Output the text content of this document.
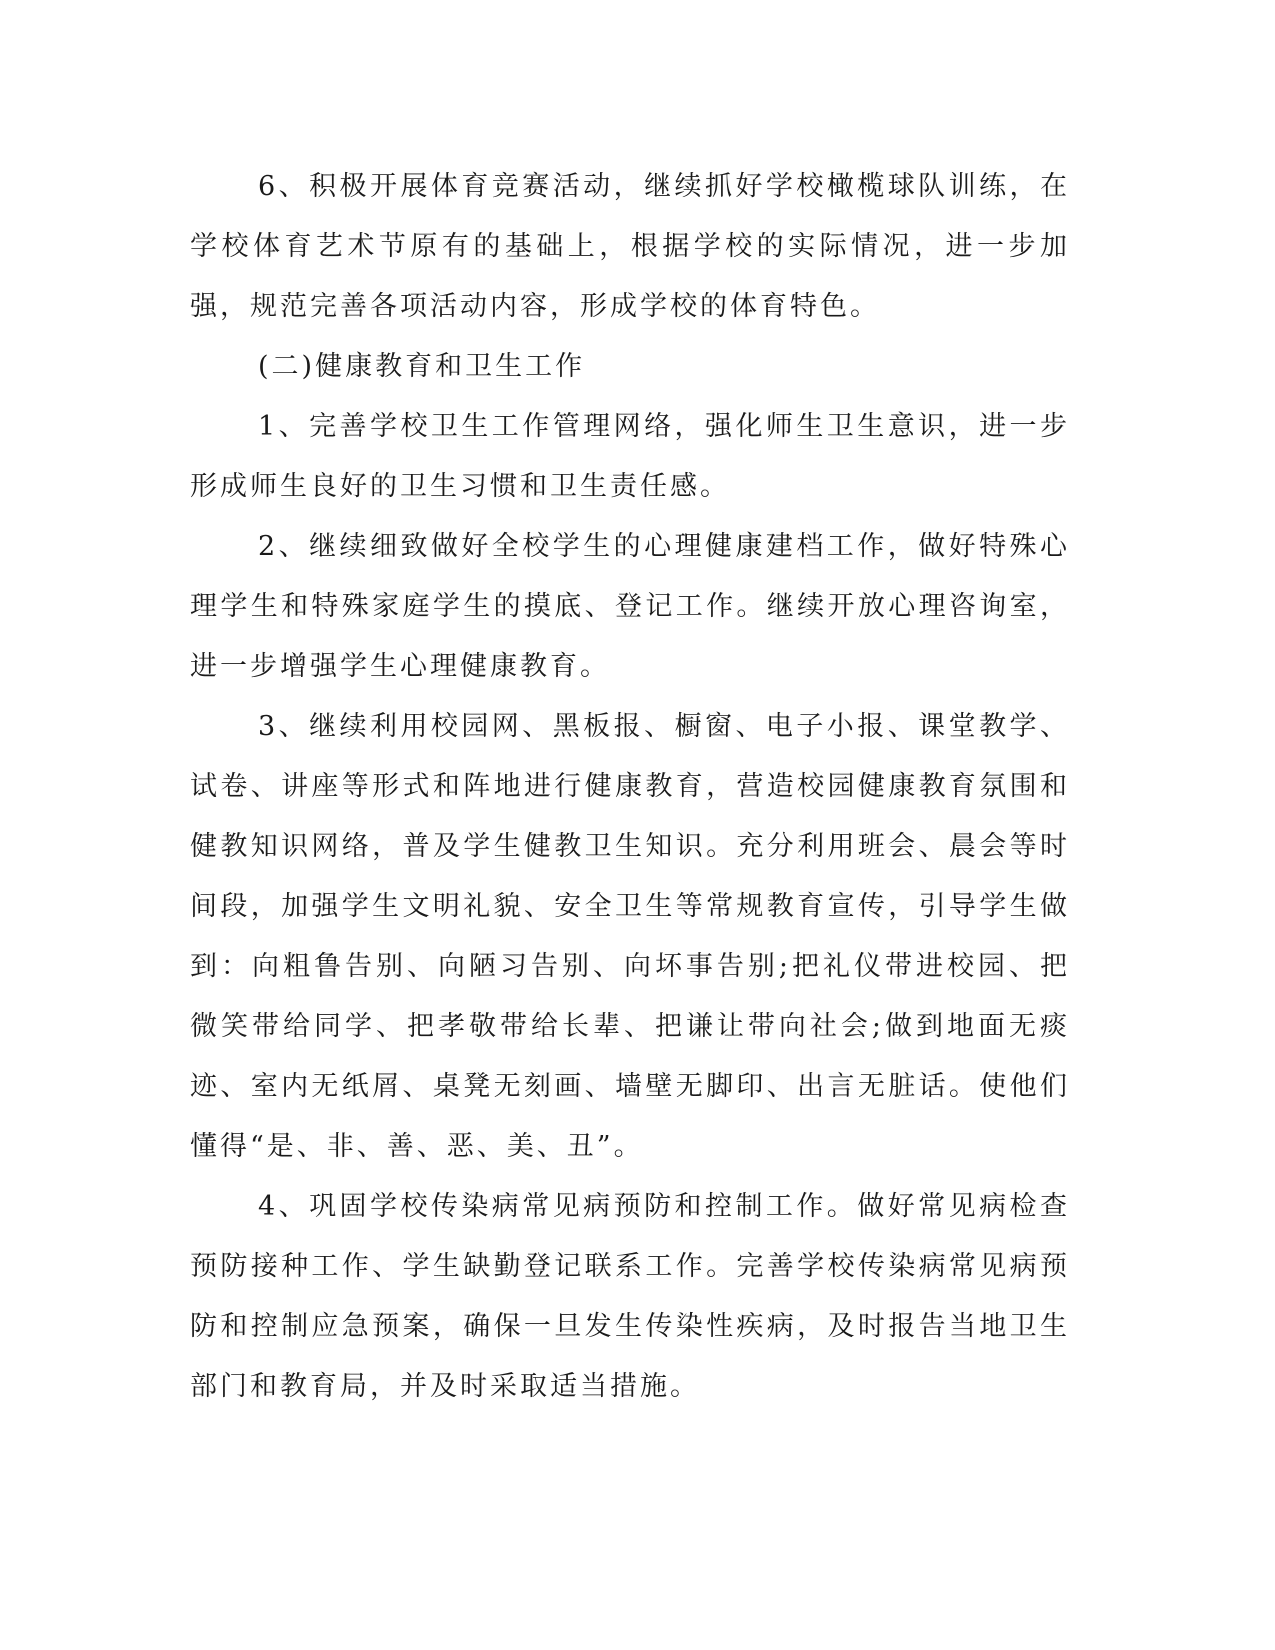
6、积极开展体育竞赛活动，继续抓好学校橄榄球队训练，在学校体育艺术节原有的基础上，根据学校的实际情况，进一步加强，规范完善各项活动内容，形成学校的体育特色。

(二)健康教育和卫生工作

1、完善学校卫生工作管理网络，强化师生卫生意识，进一步形成师生良好的卫生习惯和卫生责任感。

2、继续细致做好全校学生的心理健康建档工作，做好特殊心理学生和特殊家庭学生的摸底、登记工作。继续开放心理咨询室，进一步增强学生心理健康教育。

3、继续利用校园网、黑板报、橱窗、电子小报、课堂教学、试卷、讲座等形式和阵地进行健康教育，营造校园健康教育氛围和健教知识网络，普及学生健教卫生知识。充分利用班会、晨会等时间段，加强学生文明礼貌、安全卫生等常规教育宣传，引导学生做到：向粗鲁告别、向陋习告别、向坏事告别;把礼仪带进校园、把微笑带给同学、把孝敬带给长辈、把谦让带向社会;做到地面无痰迹、室内无纸屑、桌凳无刻画、墙壁无脚印、出言无脏话。使他们懂得“是、非、善、恶、美、丑”。

4、巩固学校传染病常见病预防和控制工作。做好常见病检查预防接种工作、学生缺勤登记联系工作。完善学校传染病常见病预防和控制应急预案，确保一旦发生传染性疾病，及时报告当地卫生部门和教育局，并及时采取适当措施。
